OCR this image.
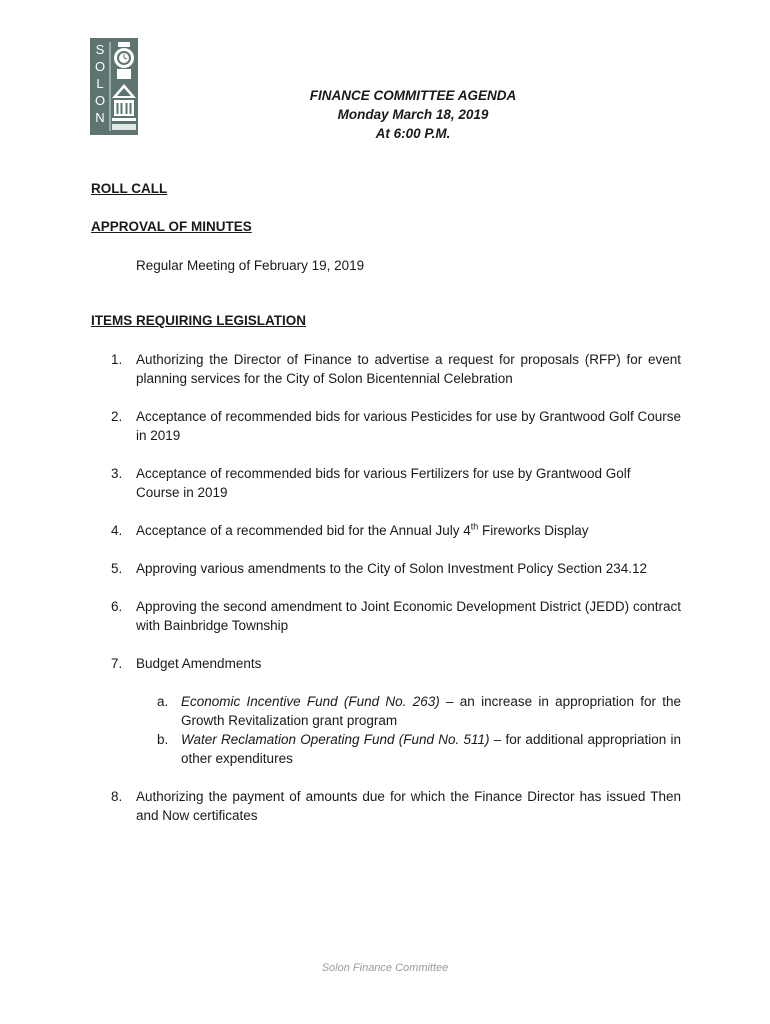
S
O
L
O
N
FINANCE COMMITTEE AGENDA
Monday March 18, 2019
At 6:00 P.M.
ROLL CALL
APPROVAL OF MINUTES
Regular Meeting of February 19, 2019
ITEMS REQUIRING LEGISLATION
1.	Authorizing the Director of Finance to advertise a request for proposals (RFP) for event planning services for the City of Solon Bicentennial Celebration
2.	Acceptance of recommended bids for various Pesticides for use by Grantwood Golf Course in 2019
3.	Acceptance of recommended bids for various Fertilizers for use by Grantwood Golf Course in 2019
4.	Acceptance of a recommended bid for the Annual July 4th Fireworks Display
5.	Approving various amendments to the City of Solon Investment Policy Section 234.12
6.	Approving the second amendment to Joint Economic Development District (JEDD) contract with Bainbridge Township
7.	Budget Amendments
a. Economic Incentive Fund (Fund No. 263) – an increase in appropriation for the Growth Revitalization grant program
b. Water Reclamation Operating Fund (Fund No. 511) – for additional appropriation in other expenditures
8.	Authorizing the payment of amounts due for which the Finance Director has issued Then and Now certificates
Solon Finance Committee
